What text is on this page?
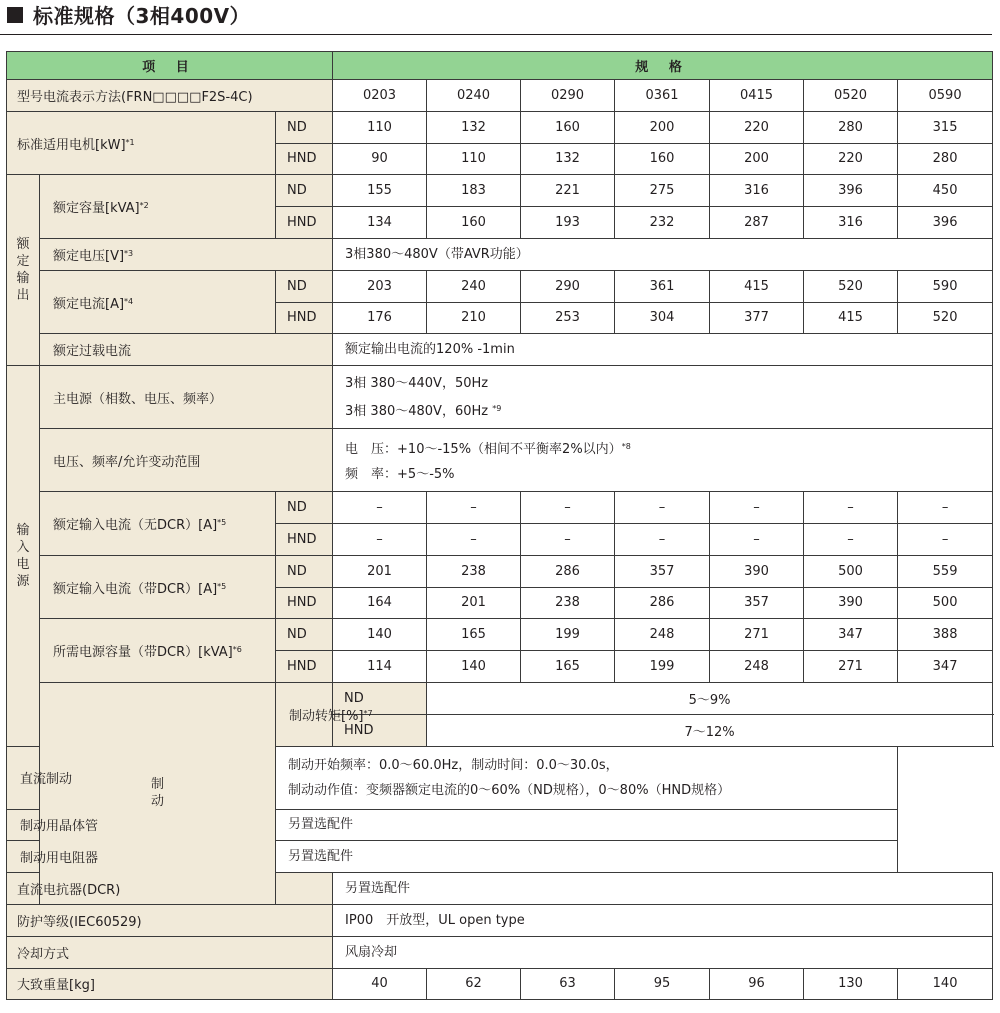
标准规格（3相400V）
项 目			规 格						
型号电流表示方法(FRN□□□□F2S-4C)			0203	0240	0290	0361	0415	0520	0590
标准适用电机[kW]$^{*1}$		ND	110	132	160	200	220	280	315
		HND	90	110	132	160	200	220	280
额定输出	额定容量[kVA]$^{*2}$	ND	155	183	221	275	316	396	450
		HND	134	160	193	232	287	316	396
	额定电压$[V]^{*3}$		3相380～480V（带AVR功能）						
	额定电流$[A]^{*4}$	ND	203	240	290	361	415	520	590
		HND	176	210	253	304	377	415	520
	额定过载电流		额定输出电流的120% -1min						
输入电源	主电源（相数、电压、频率）		3相 380～440V，50Hz
3相 380～480V，60Hz $^{*9}$

	电压、频率/允许变动范围		电　压：+10～-15%（相间不平衡率2%以内）$^{*8}$
频　率：+5～-5%						

	额定输入电流（无$DCR)[A]^{*5}$	ND	–	–	–	–	–	–	–
		HND	–	–	–	–	–	–	–
	额定输入电流（带$DCR)[A]^{*5}$	ND	201	238	286	357	390	500	559
		HND	164	201	238	286	357	390	500
	所需电源容量（带DCR）[kVA]$^{*6}$	ND	140	165	199	248	271	347	388
		HND	114	140	165	199	248	271	347
	制动	制动转矩[%]$^{*7}$	ND	5～9%					
			HND	7～12%					
直流制动		制动开始频率：0.0～60.0Hz，制动时间：0.0～30.0s，
制动动作值：变频器额定电流的0～60%（ND规格），0～80%（HND规格）							

制动用晶体管		另置选配件							
制动用电阻器		另置选配件							
直流电抗器(DCR)			另置选配件						
防护等级(IEC60529)			IP00　开放型，UL open type						
冷却方式			风扇冷却						
大致重量[kg]			40	62	63	95	96	130	140
